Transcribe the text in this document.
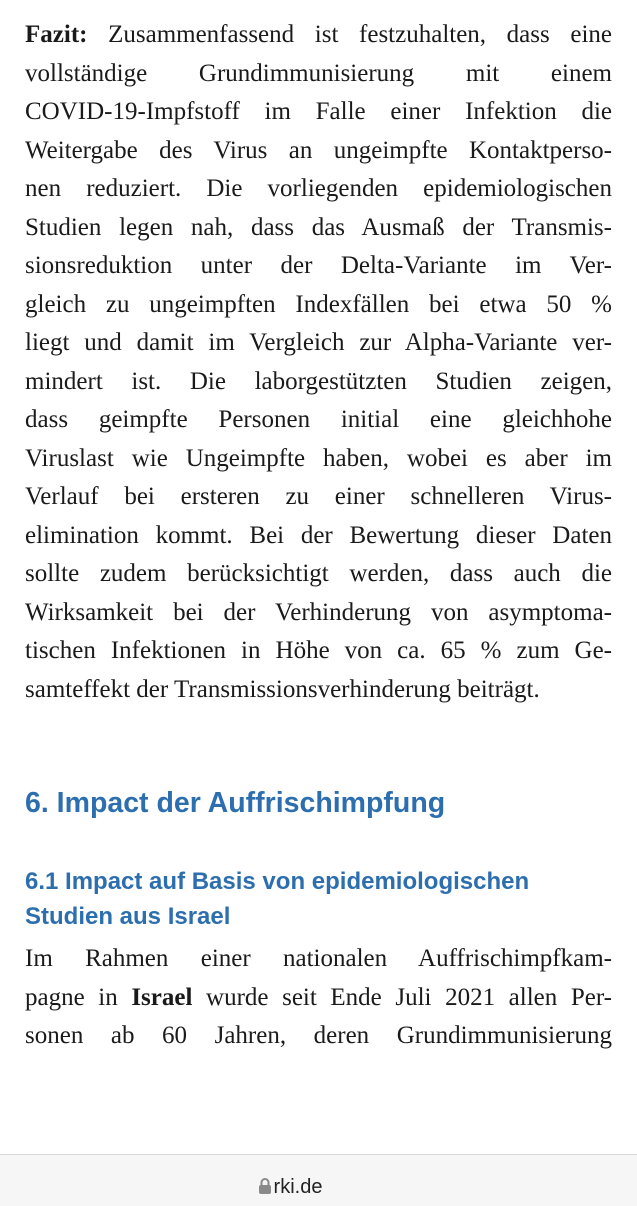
Fazit: Zusammenfassend ist festzuhalten, dass eine
vollständige Grundimmunisierung mit einem
COVID-19-Impfstoff im Falle einer Infektion die
Weitergabe des Virus an ungeimpfte Kontaktperso-
nen reduziert. Die vorliegenden epidemiologischen
Studien legen nah, dass das Ausmaß der Transmis-
sionsreduktion unter der Delta-Variante im Ver-
gleich zu ungeimpften Indexfällen bei etwa 50 %
liegt und damit im Vergleich zur Alpha-Variante ver-
mindert ist. Die laborgestützten Studien zeigen,
dass geimpfte Personen initial eine gleichhohe
Viruslast wie Ungeimpfte haben, wobei es aber im
Verlauf bei ersteren zu einer schnelleren Virus-
elimination kommt. Bei der Bewertung dieser Daten
sollte zudem berücksichtigt werden, dass auch die
Wirksamkeit bei der Verhinderung von asymptoma-
tischen Infektionen in Höhe von ca. 65 % zum Ge-
samteffekt der Transmissionsverhinderung beiträgt.
6. Impact der Auffrischimpfung
6.1 Impact auf Basis von epidemiologischen
Studien aus Israel
Im Rahmen einer nationalen Auffrischimpfkam-
pagne in Israel wurde seit Ende Juli 2021 allen Per-
sonen ab 60 Jahren, deren Grundimmunisierung
rki.de
